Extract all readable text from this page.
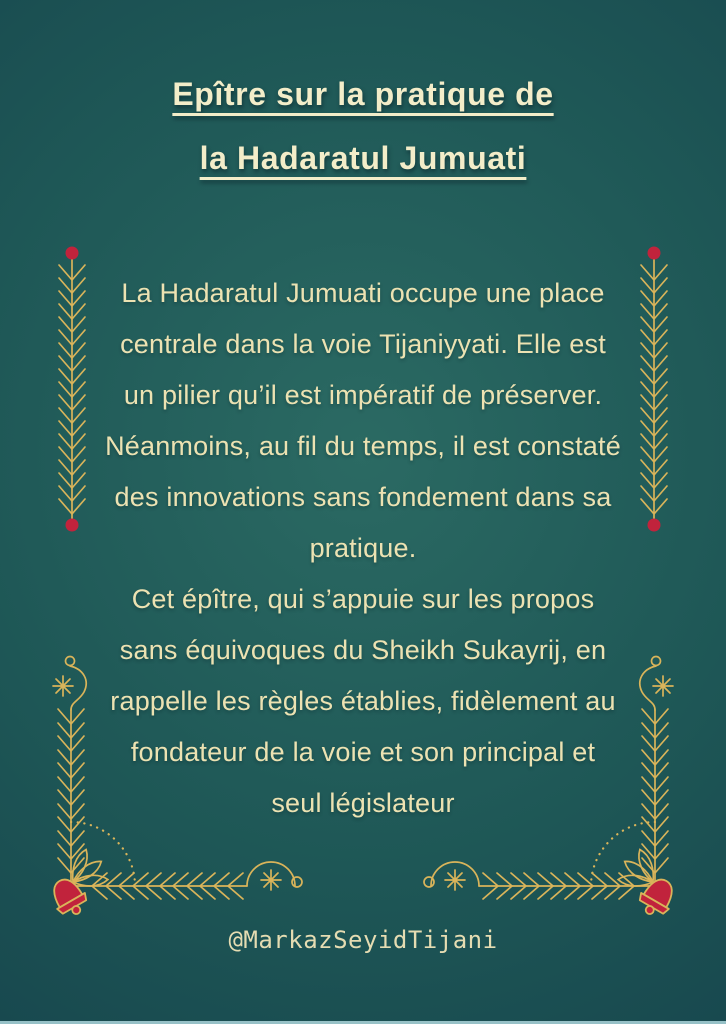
Epître sur la pratique de
la Hadaratul Jumuati
La Hadaratul Jumuati occupe une place
centrale dans la voie Tijaniyyati. Elle est
un pilier qu’il est impératif de préserver.
Néanmoins, au fil du temps, il est constaté
des innovations sans fondement dans sa
pratique.
Cet épître, qui s’appuie sur les propos
sans équivoques du Sheikh Sukayrij, en
rappelle les règles établies, fidèlement au
fondateur de la voie et son principal et
seul législateur
@MarkazSeyidTijani
